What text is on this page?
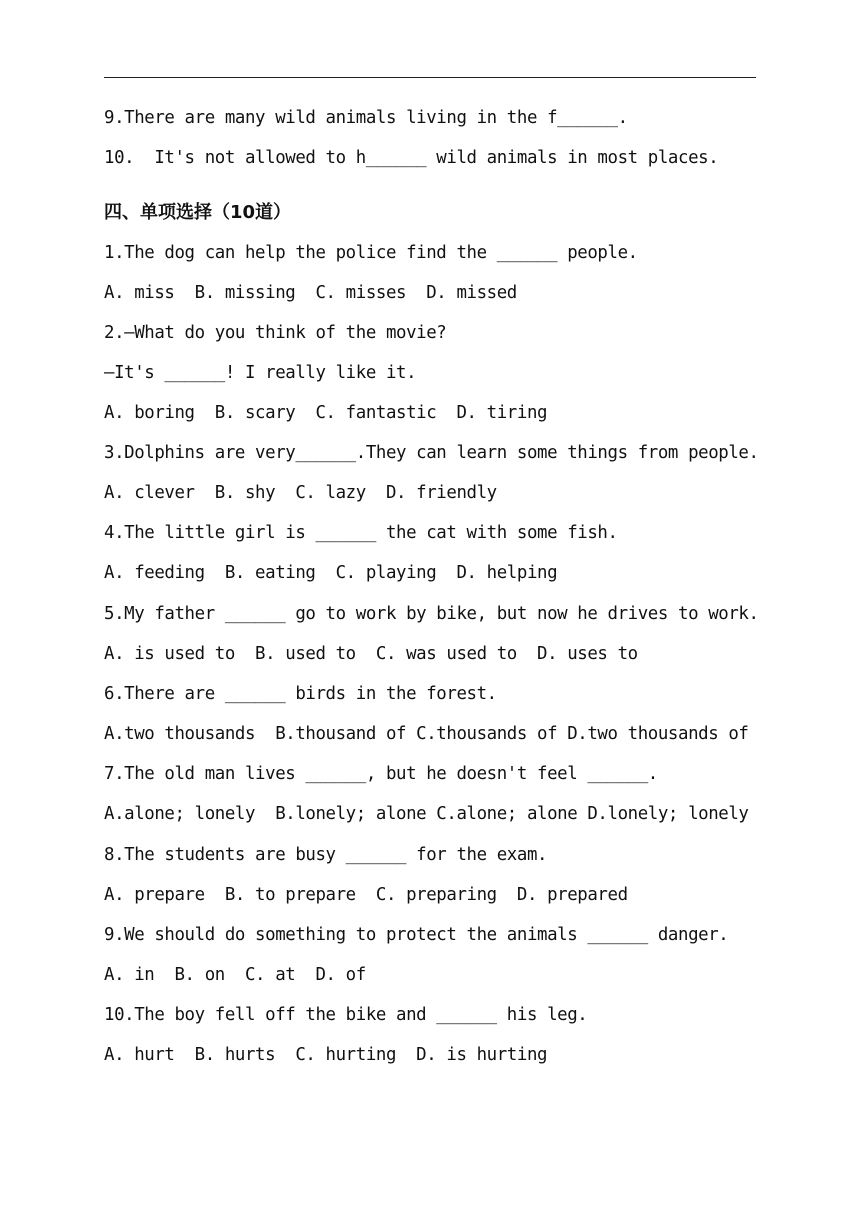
9.There are many wild animals living in the f______.
10.  It's not allowed to h______ wild animals in most places.
四、单项选择（10道）
1.The dog can help the police find the ______ people.
A. miss  B. missing  C. misses  D. missed
2.—What do you think of the movie?
—It's ______! I really like it.
A. boring  B. scary  C. fantastic  D. tiring
3.Dolphins are very______.They can learn some things from people.
A. clever  B. shy  C. lazy  D. friendly
4.The little girl is ______ the cat with some fish.
A. feeding  B. eating  C. playing  D. helping
5.My father ______ go to work by bike, but now he drives to work.
A. is used to  B. used to  C. was used to  D. uses to
6.There are ______ birds in the forest.
A.two thousands  B.thousand of C.thousands of D.two thousands of
7.The old man lives ______, but he doesn't feel ______.
A.alone; lonely  B.lonely; alone C.alone; alone D.lonely; lonely
8.The students are busy ______ for the exam.
A. prepare  B. to prepare  C. preparing  D. prepared
9.We should do something to protect the animals ______ danger.
A. in  B. on  C. at  D. of
10.The boy fell off the bike and ______ his leg.
A. hurt  B. hurts  C. hurting  D. is hurting
